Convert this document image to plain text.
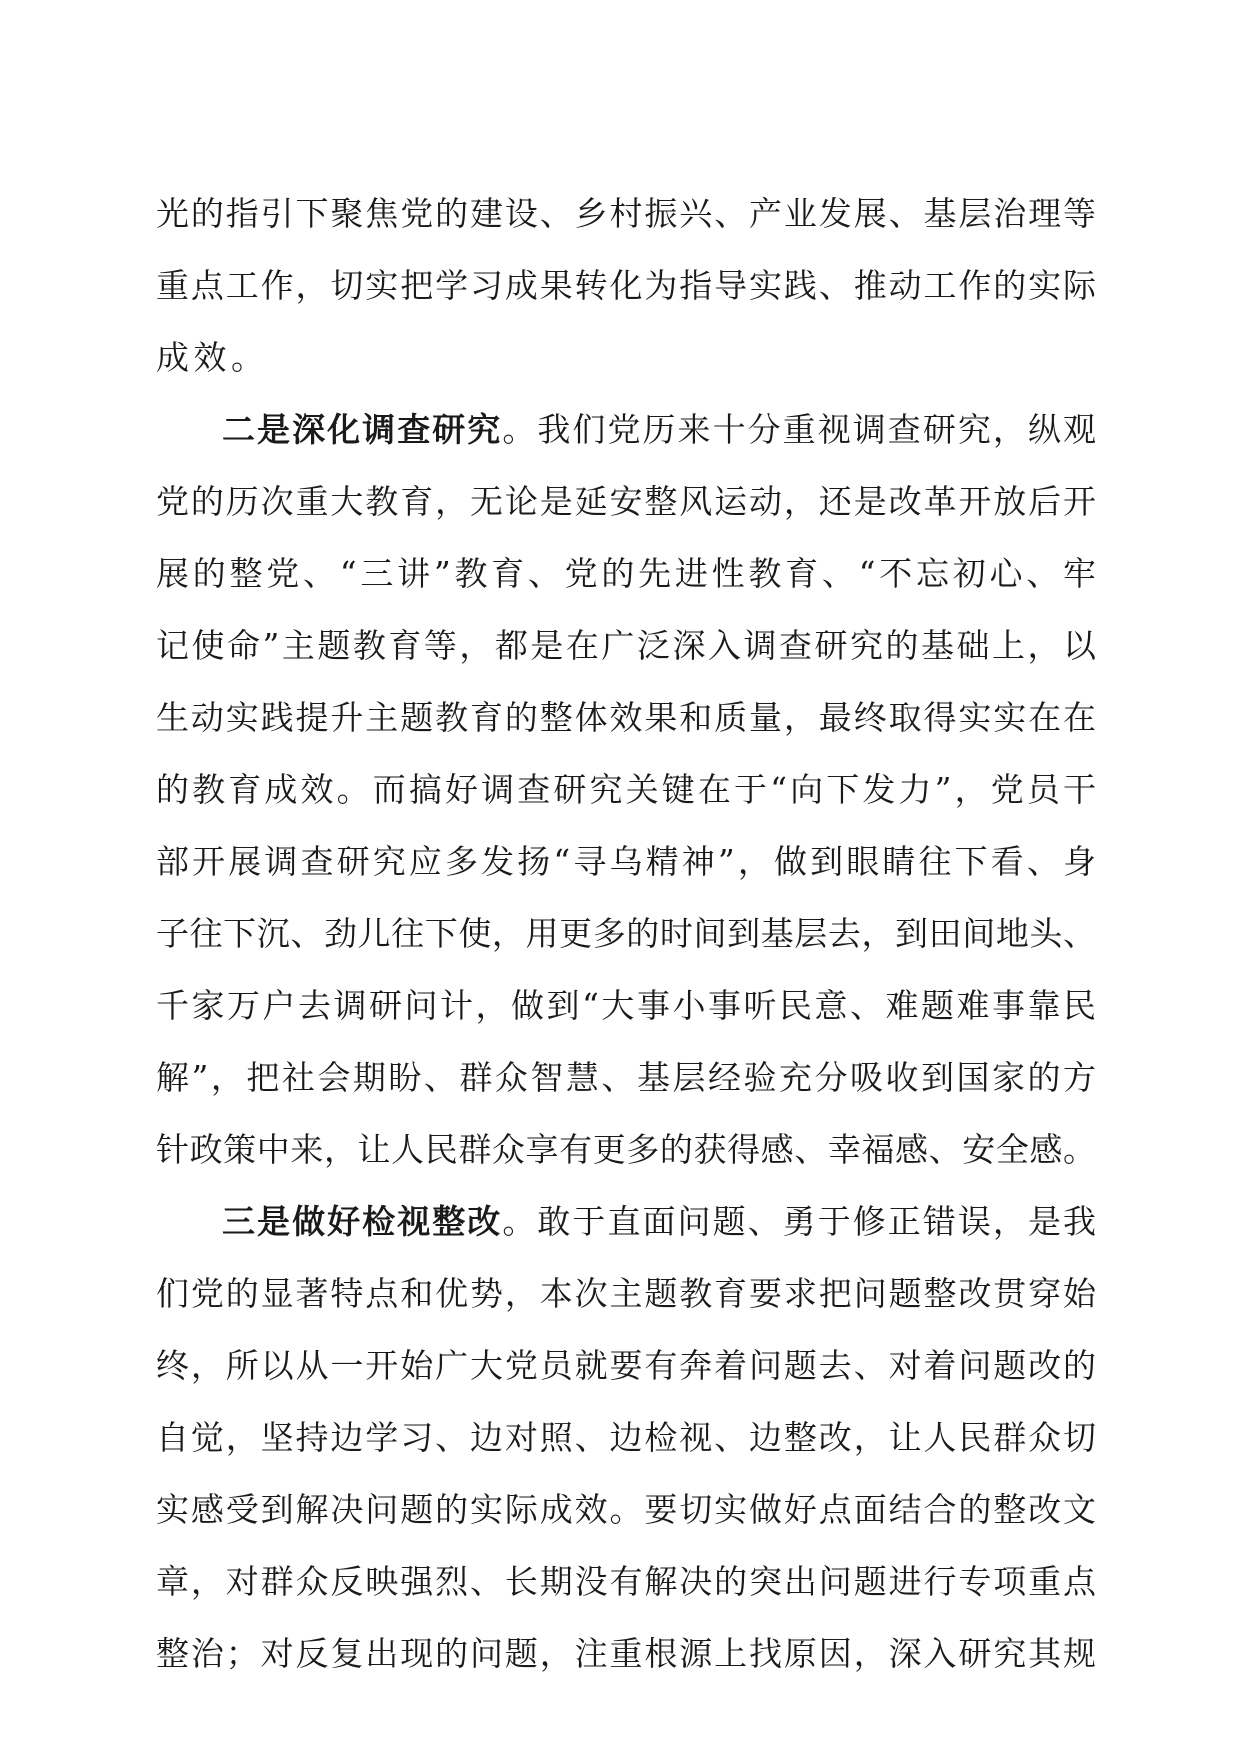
光的指引下聚焦党的建设、乡村振兴、产业发展、基层治理等
重点工作，切实把学习成果转化为指导实践、推动工作的实际
成效。
二是深化调查研究。我们党历来十分重视调查研究，纵观
党的历次重大教育，无论是延安整风运动，还是改革开放后开
展的整党、“三讲”教育、党的先进性教育、“不忘初心、牢
记使命”主题教育等，都是在广泛深入调查研究的基础上，以
生动实践提升主题教育的整体效果和质量，最终取得实实在在
的教育成效。而搞好调查研究关键在于“向下发力”，党员干
部开展调查研究应多发扬“寻乌精神”，做到眼睛往下看、身
子往下沉、劲儿往下使，用更多的时间到基层去，到田间地头、
千家万户去调研问计，做到“大事小事听民意、难题难事靠民
解”，把社会期盼、群众智慧、基层经验充分吸收到国家的方
针政策中来，让人民群众享有更多的获得感、幸福感、安全感。
三是做好检视整改。敢于直面问题、勇于修正错误，是我
们党的显著特点和优势，本次主题教育要求把问题整改贯穿始
终，所以从一开始广大党员就要有奔着问题去、对着问题改的
自觉，坚持边学习、边对照、边检视、边整改，让人民群众切
实感受到解决问题的实际成效。要切实做好点面结合的整改文
章，对群众反映强烈、长期没有解决的突出问题进行专项重点
整治；对反复出现的问题，注重根源上找原因，深入研究其规
